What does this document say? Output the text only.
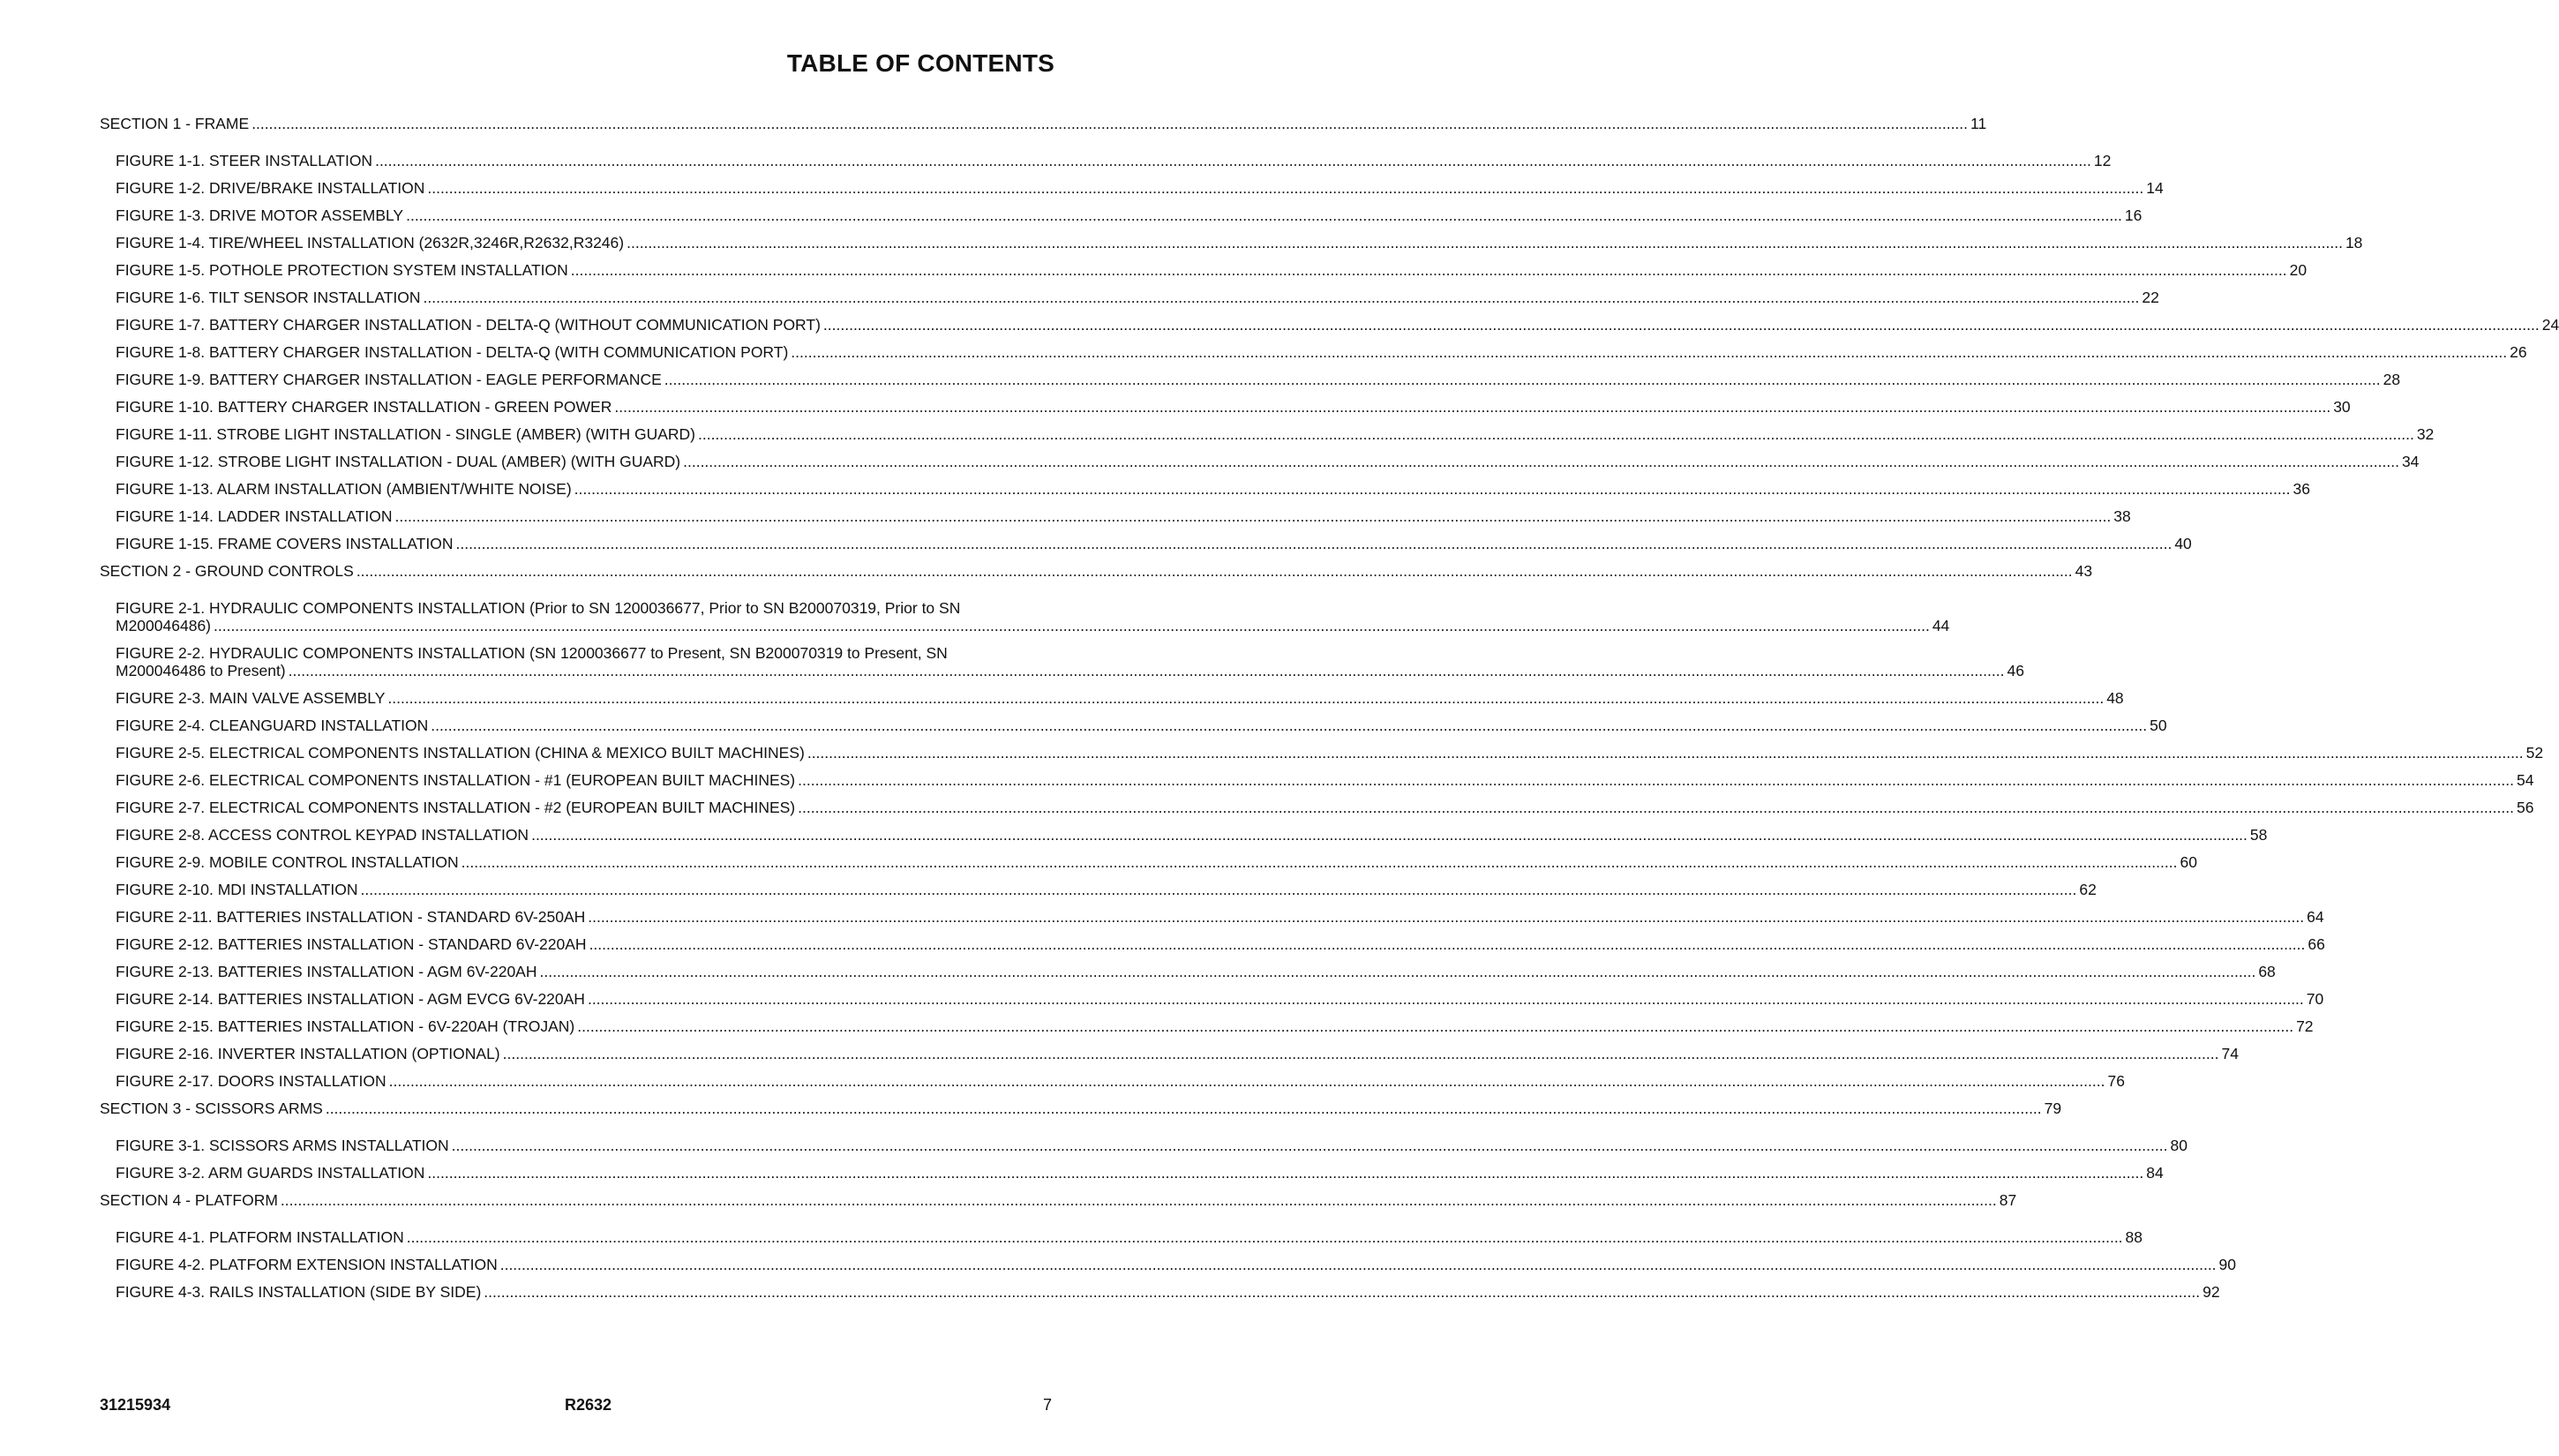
TABLE OF CONTENTS
SECTION 1 - FRAME ................................................................................................................................................................................................................................................................................................................................................................................................................ 11
FIGURE 1-1. STEER INSTALLATION ................................................................................................................................................................................................................................................................................................................................................................................................................ 12
FIGURE 1-2. DRIVE/BRAKE INSTALLATION ................................................................................................................................................................................................................................................................................................................................................................................................................ 14
FIGURE 1-3. DRIVE MOTOR ASSEMBLY ................................................................................................................................................................................................................................................................................................................................................................................................................ 16
FIGURE 1-4. TIRE/WHEEL INSTALLATION (2632R,3246R,R2632,R3246) ................................................................................................................................................................................................................................................................................................................................................................................................................ 18
FIGURE 1-5. POTHOLE PROTECTION SYSTEM INSTALLATION ................................................................................................................................................................................................................................................................................................................................................................................................................ 20
FIGURE 1-6. TILT SENSOR INSTALLATION ................................................................................................................................................................................................................................................................................................................................................................................................................ 22
FIGURE 1-7. BATTERY CHARGER INSTALLATION - DELTA-Q (WITHOUT COMMUNICATION PORT) ................................................................................................................................................................................................................................................................................................................................................................................................................ 24
FIGURE 1-8. BATTERY CHARGER INSTALLATION - DELTA-Q (WITH COMMUNICATION PORT) ................................................................................................................................................................................................................................................................................................................................................................................................................ 26
FIGURE 1-9. BATTERY CHARGER INSTALLATION - EAGLE PERFORMANCE ................................................................................................................................................................................................................................................................................................................................................................................................................ 28
FIGURE 1-10. BATTERY CHARGER INSTALLATION - GREEN POWER ................................................................................................................................................................................................................................................................................................................................................................................................................ 30
FIGURE 1-11. STROBE LIGHT INSTALLATION - SINGLE (AMBER) (WITH GUARD) ................................................................................................................................................................................................................................................................................................................................................................................................................ 32
FIGURE 1-12. STROBE LIGHT INSTALLATION - DUAL (AMBER) (WITH GUARD) ................................................................................................................................................................................................................................................................................................................................................................................................................ 34
FIGURE 1-13. ALARM INSTALLATION (AMBIENT/WHITE NOISE) ................................................................................................................................................................................................................................................................................................................................................................................................................ 36
FIGURE 1-14. LADDER INSTALLATION ................................................................................................................................................................................................................................................................................................................................................................................................................ 38
FIGURE 1-15. FRAME COVERS INSTALLATION ................................................................................................................................................................................................................................................................................................................................................................................................................ 40
SECTION 2 - GROUND CONTROLS ................................................................................................................................................................................................................................................................................................................................................................................................................ 43
FIGURE 2-1. HYDRAULIC COMPONENTS INSTALLATION (Prior to SN 1200036677, Prior to SN B200070319, Prior to SN
M200046486) ................................................................................................................................................................................................................................................................................................................................................................................................................ 44
FIGURE 2-2. HYDRAULIC COMPONENTS INSTALLATION (SN 1200036677 to Present, SN B200070319 to Present, SN
M200046486 to Present) ................................................................................................................................................................................................................................................................................................................................................................................................................ 46
FIGURE 2-3. MAIN VALVE ASSEMBLY ................................................................................................................................................................................................................................................................................................................................................................................................................ 48
FIGURE 2-4. CLEANGUARD INSTALLATION ................................................................................................................................................................................................................................................................................................................................................................................................................ 50
FIGURE 2-5. ELECTRICAL COMPONENTS INSTALLATION (CHINA & MEXICO BUILT MACHINES) ................................................................................................................................................................................................................................................................................................................................................................................................................ 52
FIGURE 2-6. ELECTRICAL COMPONENTS INSTALLATION - #1 (EUROPEAN BUILT MACHINES) ................................................................................................................................................................................................................................................................................................................................................................................................................ 54
FIGURE 2-7. ELECTRICAL COMPONENTS INSTALLATION - #2 (EUROPEAN BUILT MACHINES) ................................................................................................................................................................................................................................................................................................................................................................................................................ 56
FIGURE 2-8. ACCESS CONTROL KEYPAD INSTALLATION ................................................................................................................................................................................................................................................................................................................................................................................................................ 58
FIGURE 2-9. MOBILE CONTROL INSTALLATION ................................................................................................................................................................................................................................................................................................................................................................................................................ 60
FIGURE 2-10. MDI INSTALLATION ................................................................................................................................................................................................................................................................................................................................................................................................................ 62
FIGURE 2-11. BATTERIES INSTALLATION - STANDARD 6V-250AH ................................................................................................................................................................................................................................................................................................................................................................................................................ 64
FIGURE 2-12. BATTERIES INSTALLATION - STANDARD 6V-220AH ................................................................................................................................................................................................................................................................................................................................................................................................................ 66
FIGURE 2-13. BATTERIES INSTALLATION - AGM 6V-220AH ................................................................................................................................................................................................................................................................................................................................................................................................................ 68
FIGURE 2-14. BATTERIES INSTALLATION - AGM EVCG 6V-220AH ................................................................................................................................................................................................................................................................................................................................................................................................................ 70
FIGURE 2-15. BATTERIES INSTALLATION - 6V-220AH (TROJAN) ................................................................................................................................................................................................................................................................................................................................................................................................................ 72
FIGURE 2-16. INVERTER INSTALLATION (OPTIONAL) ................................................................................................................................................................................................................................................................................................................................................................................................................ 74
FIGURE 2-17. DOORS INSTALLATION ................................................................................................................................................................................................................................................................................................................................................................................................................ 76
SECTION 3 - SCISSORS ARMS ................................................................................................................................................................................................................................................................................................................................................................................................................ 79
FIGURE 3-1. SCISSORS ARMS INSTALLATION ................................................................................................................................................................................................................................................................................................................................................................................................................ 80
FIGURE 3-2. ARM GUARDS INSTALLATION ................................................................................................................................................................................................................................................................................................................................................................................................................ 84
SECTION 4 - PLATFORM ................................................................................................................................................................................................................................................................................................................................................................................................................ 87
FIGURE 4-1. PLATFORM INSTALLATION ................................................................................................................................................................................................................................................................................................................................................................................................................ 88
FIGURE 4-2. PLATFORM EXTENSION INSTALLATION ................................................................................................................................................................................................................................................................................................................................................................................................................ 90
FIGURE 4-3. RAILS INSTALLATION (SIDE BY SIDE) ................................................................................................................................................................................................................................................................................................................................................................................................................ 92
31215934	R2632	7
